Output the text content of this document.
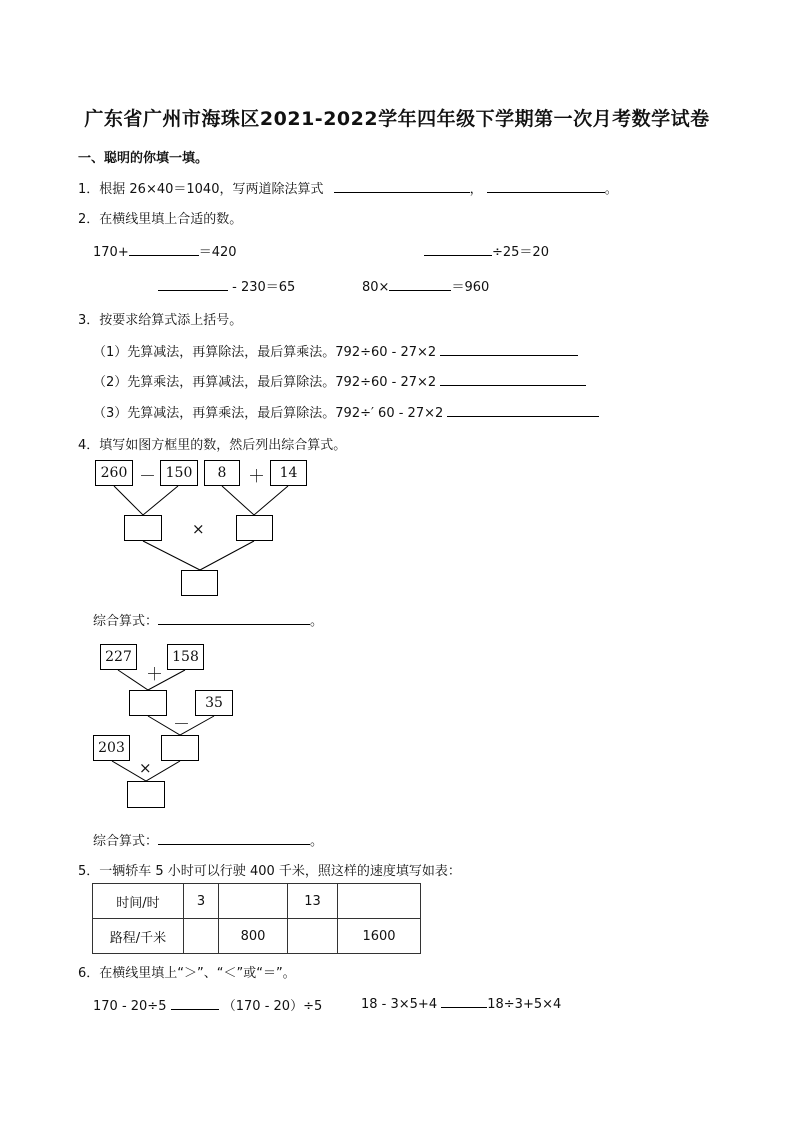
广东省广州市海珠区2021-2022学年四年级下学期第一次月考数学试卷
一、聪明的你填一填。
1．根据 26×40＝1040，写两道除法算式	，	。
2．在横线里填上合适的数。
170+	＝420	÷25＝20
- 230＝65	80×	＝960
3．按要求给算式添上括号。
（1）先算减法，再算除法，最后算乘法。792÷60 - 27×2
（2）先算乘法，再算减法，最后算除法。792÷60 - 27×2
（3）先算减法，再算乘法，最后算除法。792÷′ 60 - 27×2
4．填写如图方框里的数，然后列出综合算式。
260 － 150	8	＋	14
×
综合算式：	。
227
＋
158
35
－
203
×
综合算式：	。
5．一辆轿车 5 小时可以行驶 400 千米，照这样的速度填写如表：
时间/时	3		13	
路程/千米		800		1600
6．在横线里填上“＞”、“＜”或“＝”。
170 - 20÷5	（170 - 20）÷5	18 - 3×5+4	18÷3+5×4
